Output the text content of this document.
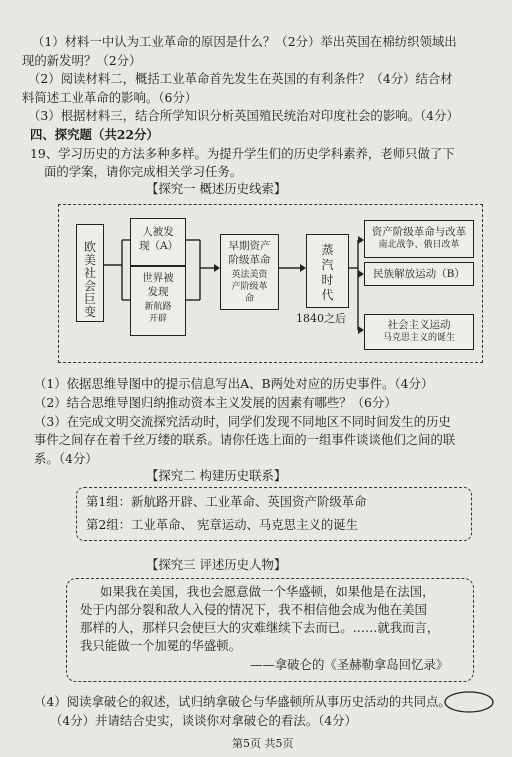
（1）材料一中认为工业革命的原因是什么？（2分）举出英国在棉纺织领域出
现的新发明？（2分）
（2）阅读材料二，概括工业革命首先发生在英国的有利条件？（4分）结合材
料简述工业革命的影响。（6分）
（3）根据材料三，结合所学知识分析英国殖民统治对印度社会的影响。（4分）
四、探究题（共22分）
19、学习历史的方法多种多样。为提升学生们的历史学科素养，老师只做了下
面的学案，请你完成相关学习任务。
【探究一 概述历史线索】
欧美社会巨变
人被发现（A）
世界被发现
新航路开辟
早期资产阶级革命
英法美资产阶级革命
蒸汽时代
1840之后
资产阶级革命与改革
南北战争、俄日改革
民族解放运动（B）
社会主义运动
马克思主义的诞生
（1）依据思维导图中的提示信息写出A、B两处对应的历史事件。（4分）
（2）结合思维导图归纳推动资本主义发展的因素有哪些？（6分）
（3）在完成文明交流探究活动时，同学们发现不同地区不同时间发生的历史
事件之间存在着千丝万缕的联系。请你任选上面的一组事件谈谈他们之间的联
系。（4分）
【探究二 构建历史联系】
第1组：新航路开辟、工业革命、英国资产阶级革命
第2组：工业革命、 宪章运动、马克思主义的诞生
【探究三 评述历史人物】
如果我在美国，我也会愿意做一个华盛顿，如果他是在法国，
处于内部分裂和敌人入侵的情况下，我不相信他会成为他在美国
那样的人，那样只会使巨大的灾难继续下去而已。……就我而言，
我只能做一个加冕的华盛顿。
——拿破仑的《圣赫勒拿岛回忆录》
（4）阅读拿破仑的叙述，试归纳拿破仑与华盛顿所从事历史活动的共同点。
（4分）并请结合史实，谈谈你对拿破仑的看法。（4分）
第5页 共5页
